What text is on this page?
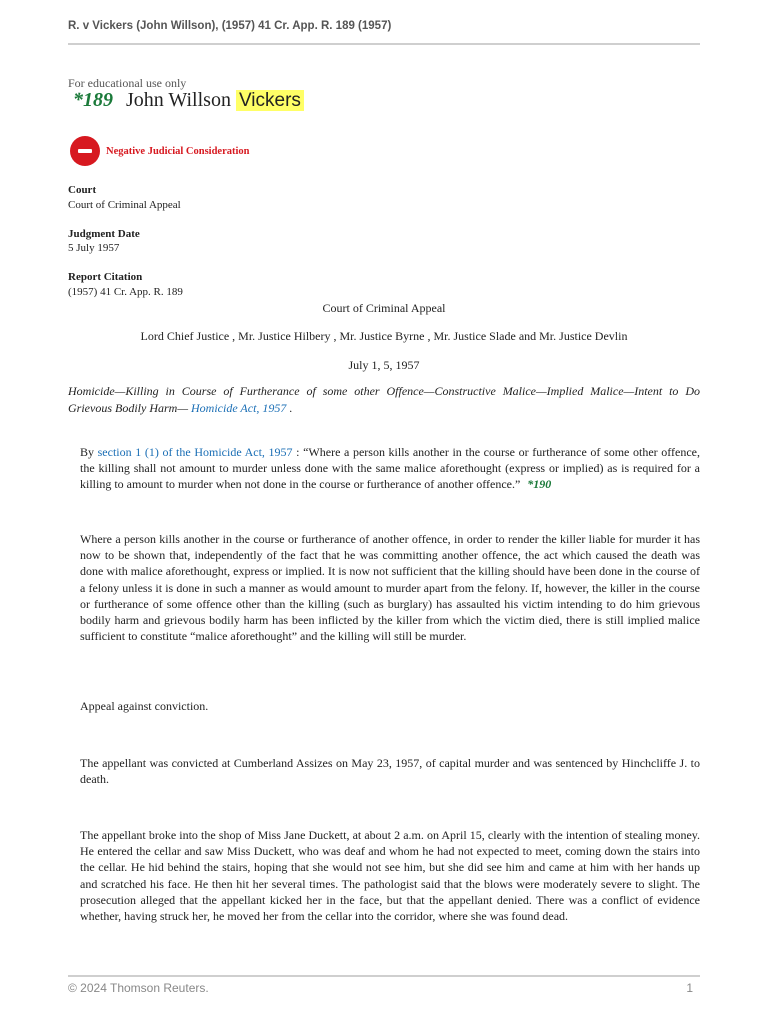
R. v Vickers (John Willson), (1957) 41 Cr. App. R. 189 (1957)
For educational use only
*189 John Willson Vickers
Negative Judicial Consideration
Court
Court of Criminal Appeal
Judgment Date
5 July 1957
Report Citation
(1957) 41 Cr. App. R. 189
Court of Criminal Appeal
Lord Chief Justice , Mr. Justice Hilbery , Mr. Justice Byrne , Mr. Justice Slade and Mr. Justice Devlin
July 1, 5, 1957
Homicide—Killing in Course of Furtherance of some other Offence—Constructive Malice—Implied Malice—Intent to Do Grievous Bodily Harm— Homicide Act, 1957 .
By section 1 (1) of the Homicide Act, 1957 : “Where a person kills another in the course or furtherance of some other offence, the killing shall not amount to murder unless done with the same malice aforethought (express or implied) as is required for a killing to amount to murder when not done in the course or furtherance of another offence.” *190
Where a person kills another in the course or furtherance of another offence, in order to render the killer liable for murder it has now to be shown that, independently of the fact that he was committing another offence, the act which caused the death was done with malice aforethought, express or implied. It is now not sufficient that the killing should have been done in the course of a felony unless it is done in such a manner as would amount to murder apart from the felony. If, however, the killer in the course or furtherance of some offence other than the killing (such as burglary) has assaulted his victim intending to do him grievous bodily harm and grievous bodily harm has been inflicted by the killer from which the victim died, there is still implied malice sufficient to constitute “malice aforethought” and the killing will still be murder.
Appeal against conviction.
The appellant was convicted at Cumberland Assizes on May 23, 1957, of capital murder and was sentenced by Hinchcliffe J. to death.
The appellant broke into the shop of Miss Jane Duckett, at about 2 a.m. on April 15, clearly with the intention of stealing money. He entered the cellar and saw Miss Duckett, who was deaf and whom he had not expected to meet, coming down the stairs into the cellar. He hid behind the stairs, hoping that she would not see him, but she did see him and came at him with her hands up and scratched his face. He then hit her several times. The pathologist said that the blows were moderately severe to slight. The prosecution alleged that the appellant kicked her in the face, but that the appellant denied. There was a conflict of evidence whether, having struck her, he moved her from the cellar into the corridor, where she was found dead.
© 2024 Thomson Reuters.	1
